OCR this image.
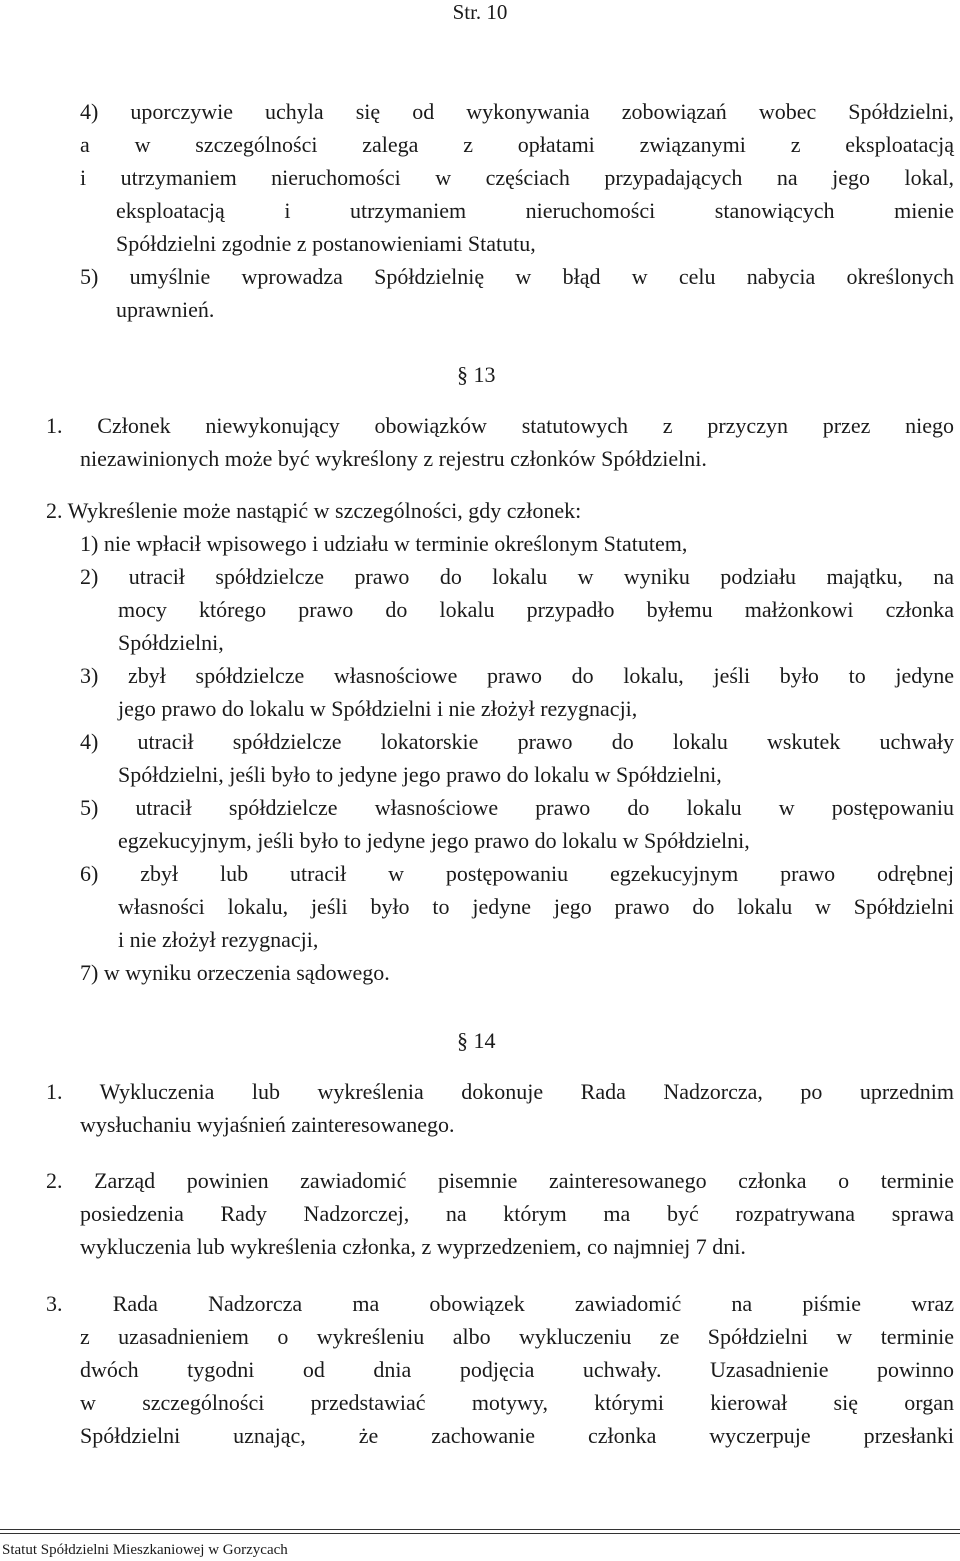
Str. 10
4) uporczywie uchyla się od wykonywania zobowiązań wobec Spółdzielni,
a w szczególności zalega z opłatami związanymi z eksploatacją
i utrzymaniem nieruchomości w częściach przypadających na jego lokal,
eksploatacją i utrzymaniem nieruchomości stanowiących mienie
Spółdzielni zgodnie z postanowieniami Statutu,
5) umyślnie wprowadza Spółdzielnię w błąd w celu nabycia określonych
uprawnień.
§ 13
1. Członek niewykonujący obowiązków statutowych z przyczyn przez niego
niezawinionych może być wykreślony z rejestru członków Spółdzielni.
2. Wykreślenie może nastąpić w szczególności, gdy członek:
1) nie wpłacił wpisowego i udziału w terminie określonym Statutem,
2) utracił spółdzielcze prawo do lokalu w wyniku podziału majątku, na
mocy którego prawo do lokalu przypadło byłemu małżonkowi członka
Spółdzielni,
3) zbył spółdzielcze własnościowe prawo do lokalu, jeśli było to jedyne
jego prawo do lokalu w Spółdzielni i nie złożył rezygnacji,
4) utracił spółdzielcze lokatorskie prawo do lokalu wskutek uchwały
Spółdzielni, jeśli było to jedyne jego prawo do lokalu w Spółdzielni,
5) utracił spółdzielcze własnościowe prawo do lokalu w postępowaniu
egzekucyjnym, jeśli było to jedyne jego prawo do lokalu w Spółdzielni,
6) zbył lub utracił w postępowaniu egzekucyjnym prawo odrębnej
własności lokalu, jeśli było to jedyne jego prawo do lokalu w Spółdzielni
i nie złożył rezygnacji,
7) w wyniku orzeczenia sądowego.
§ 14
1. Wykluczenia lub wykreślenia dokonuje Rada Nadzorcza, po uprzednim
wysłuchaniu wyjaśnień zainteresowanego.
2. Zarząd powinien zawiadomić pisemnie zainteresowanego członka o terminie
posiedzenia Rady Nadzorczej, na którym ma być rozpatrywana sprawa
wykluczenia lub wykreślenia członka, z wyprzedzeniem, co najmniej 7 dni.
3. Rada Nadzorcza ma obowiązek zawiadomić na piśmie wraz
z uzasadnieniem o wykreśleniu albo wykluczeniu ze Spółdzielni w terminie
dwóch tygodni od dnia podjęcia uchwały. Uzasadnienie powinno
w szczególności przedstawiać motywy, którymi kierował się organ
Spółdzielni uznając, że zachowanie członka wyczerpuje przesłanki
Statut Spółdzielni Mieszkaniowej w Gorzycach
